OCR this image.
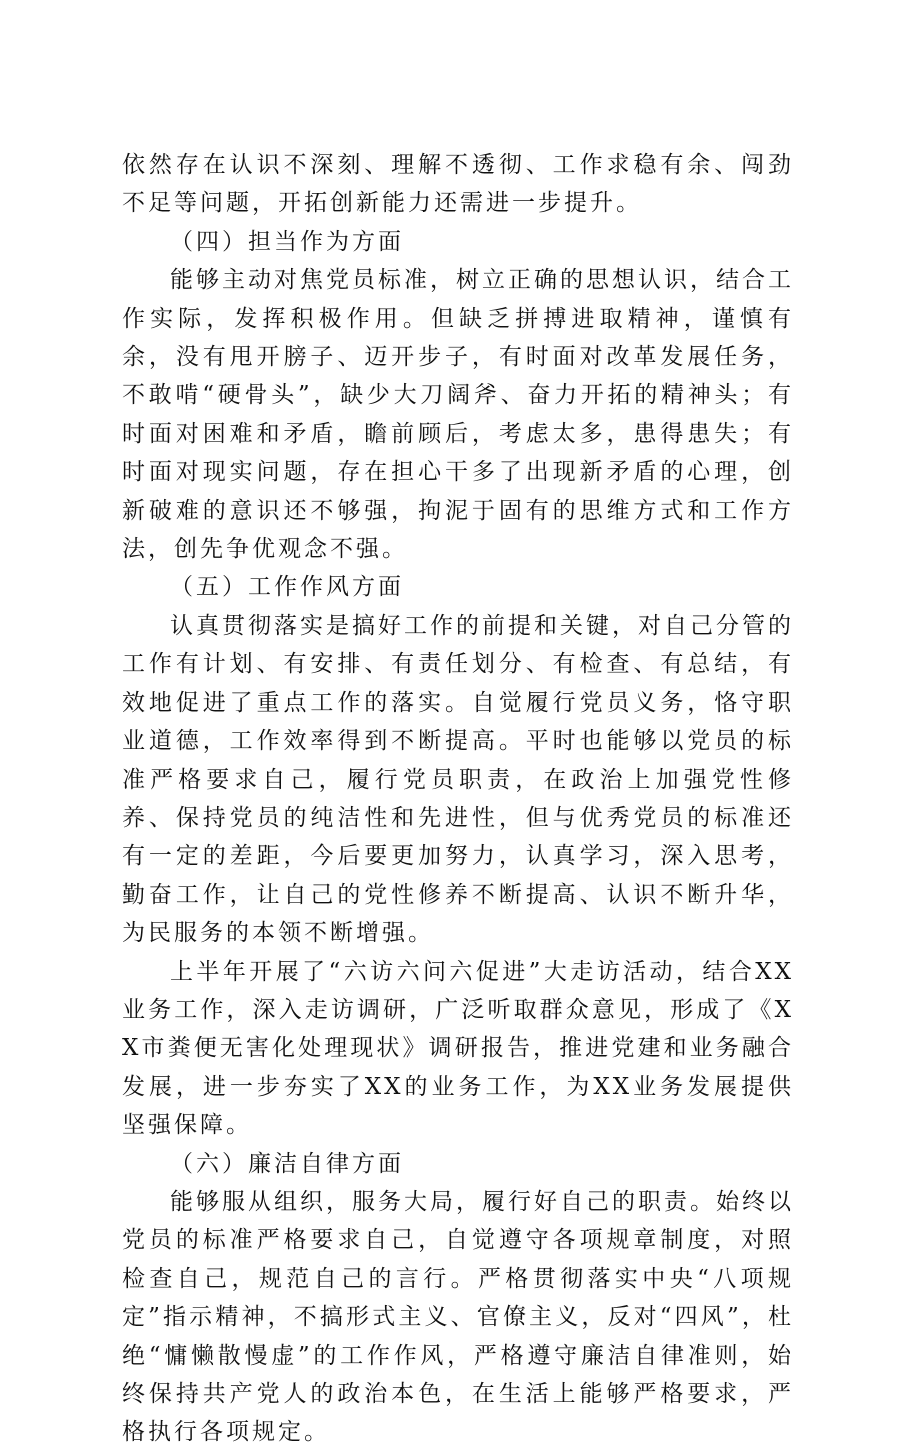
依然存在认识不深刻、理解不透彻、工作求稳有余、闯劲不足等问题，开拓创新能力还需进一步提升。

（四）担当作为方面

能够主动对焦党员标准，树立正确的思想认识，结合工作实际，发挥积极作用。但缺乏拼搏进取精神，谨慎有余，没有甩开膀子、迈开步子，有时面对改革发展任务，不敢啃“硬骨头”，缺少大刀阔斧、奋力开拓的精神头；有时面对困难和矛盾，瞻前顾后，考虑太多，患得患失；有时面对现实问题，存在担心干多了出现新矛盾的心理，创新破难的意识还不够强，拘泥于固有的思维方式和工作方法，创先争优观念不强。

（五）工作作风方面

认真贯彻落实是搞好工作的前提和关键，对自己分管的工作有计划、有安排、有责任划分、有检查、有总结，有效地促进了重点工作的落实。自觉履行党员义务，恪守职业道德，工作效率得到不断提高。平时也能够以党员的标准严格要求自己，履行党员职责，在政治上加强党性修养、保持党员的纯洁性和先进性，但与优秀党员的标准还有一定的差距，今后要更加努力，认真学习，深入思考，勤奋工作，让自己的党性修养不断提高、认识不断升华，为民服务的本领不断增强。

上半年开展了“六访六问六促进”大走访活动，结合XX业务工作，深入走访调研，广泛听取群众意见，形成了《XX市粪便无害化处理现状》调研报告，推进党建和业务融合发展，进一步夯实了XX的业务工作，为XX业务发展提供坚强保障。

（六）廉洁自律方面

能够服从组织，服务大局，履行好自己的职责。始终以党员的标准严格要求自己，自觉遵守各项规章制度，对照检查自己，规范自己的言行。严格贯彻落实中央“八项规定”指示精神，不搞形式主义、官僚主义，反对“四风”，杜绝“慵懒散慢虚”的工作作风，严格遵守廉洁自律准则，始终保持共产党人的政治本色，在生活上能够严格要求，严格执行各项规定。
